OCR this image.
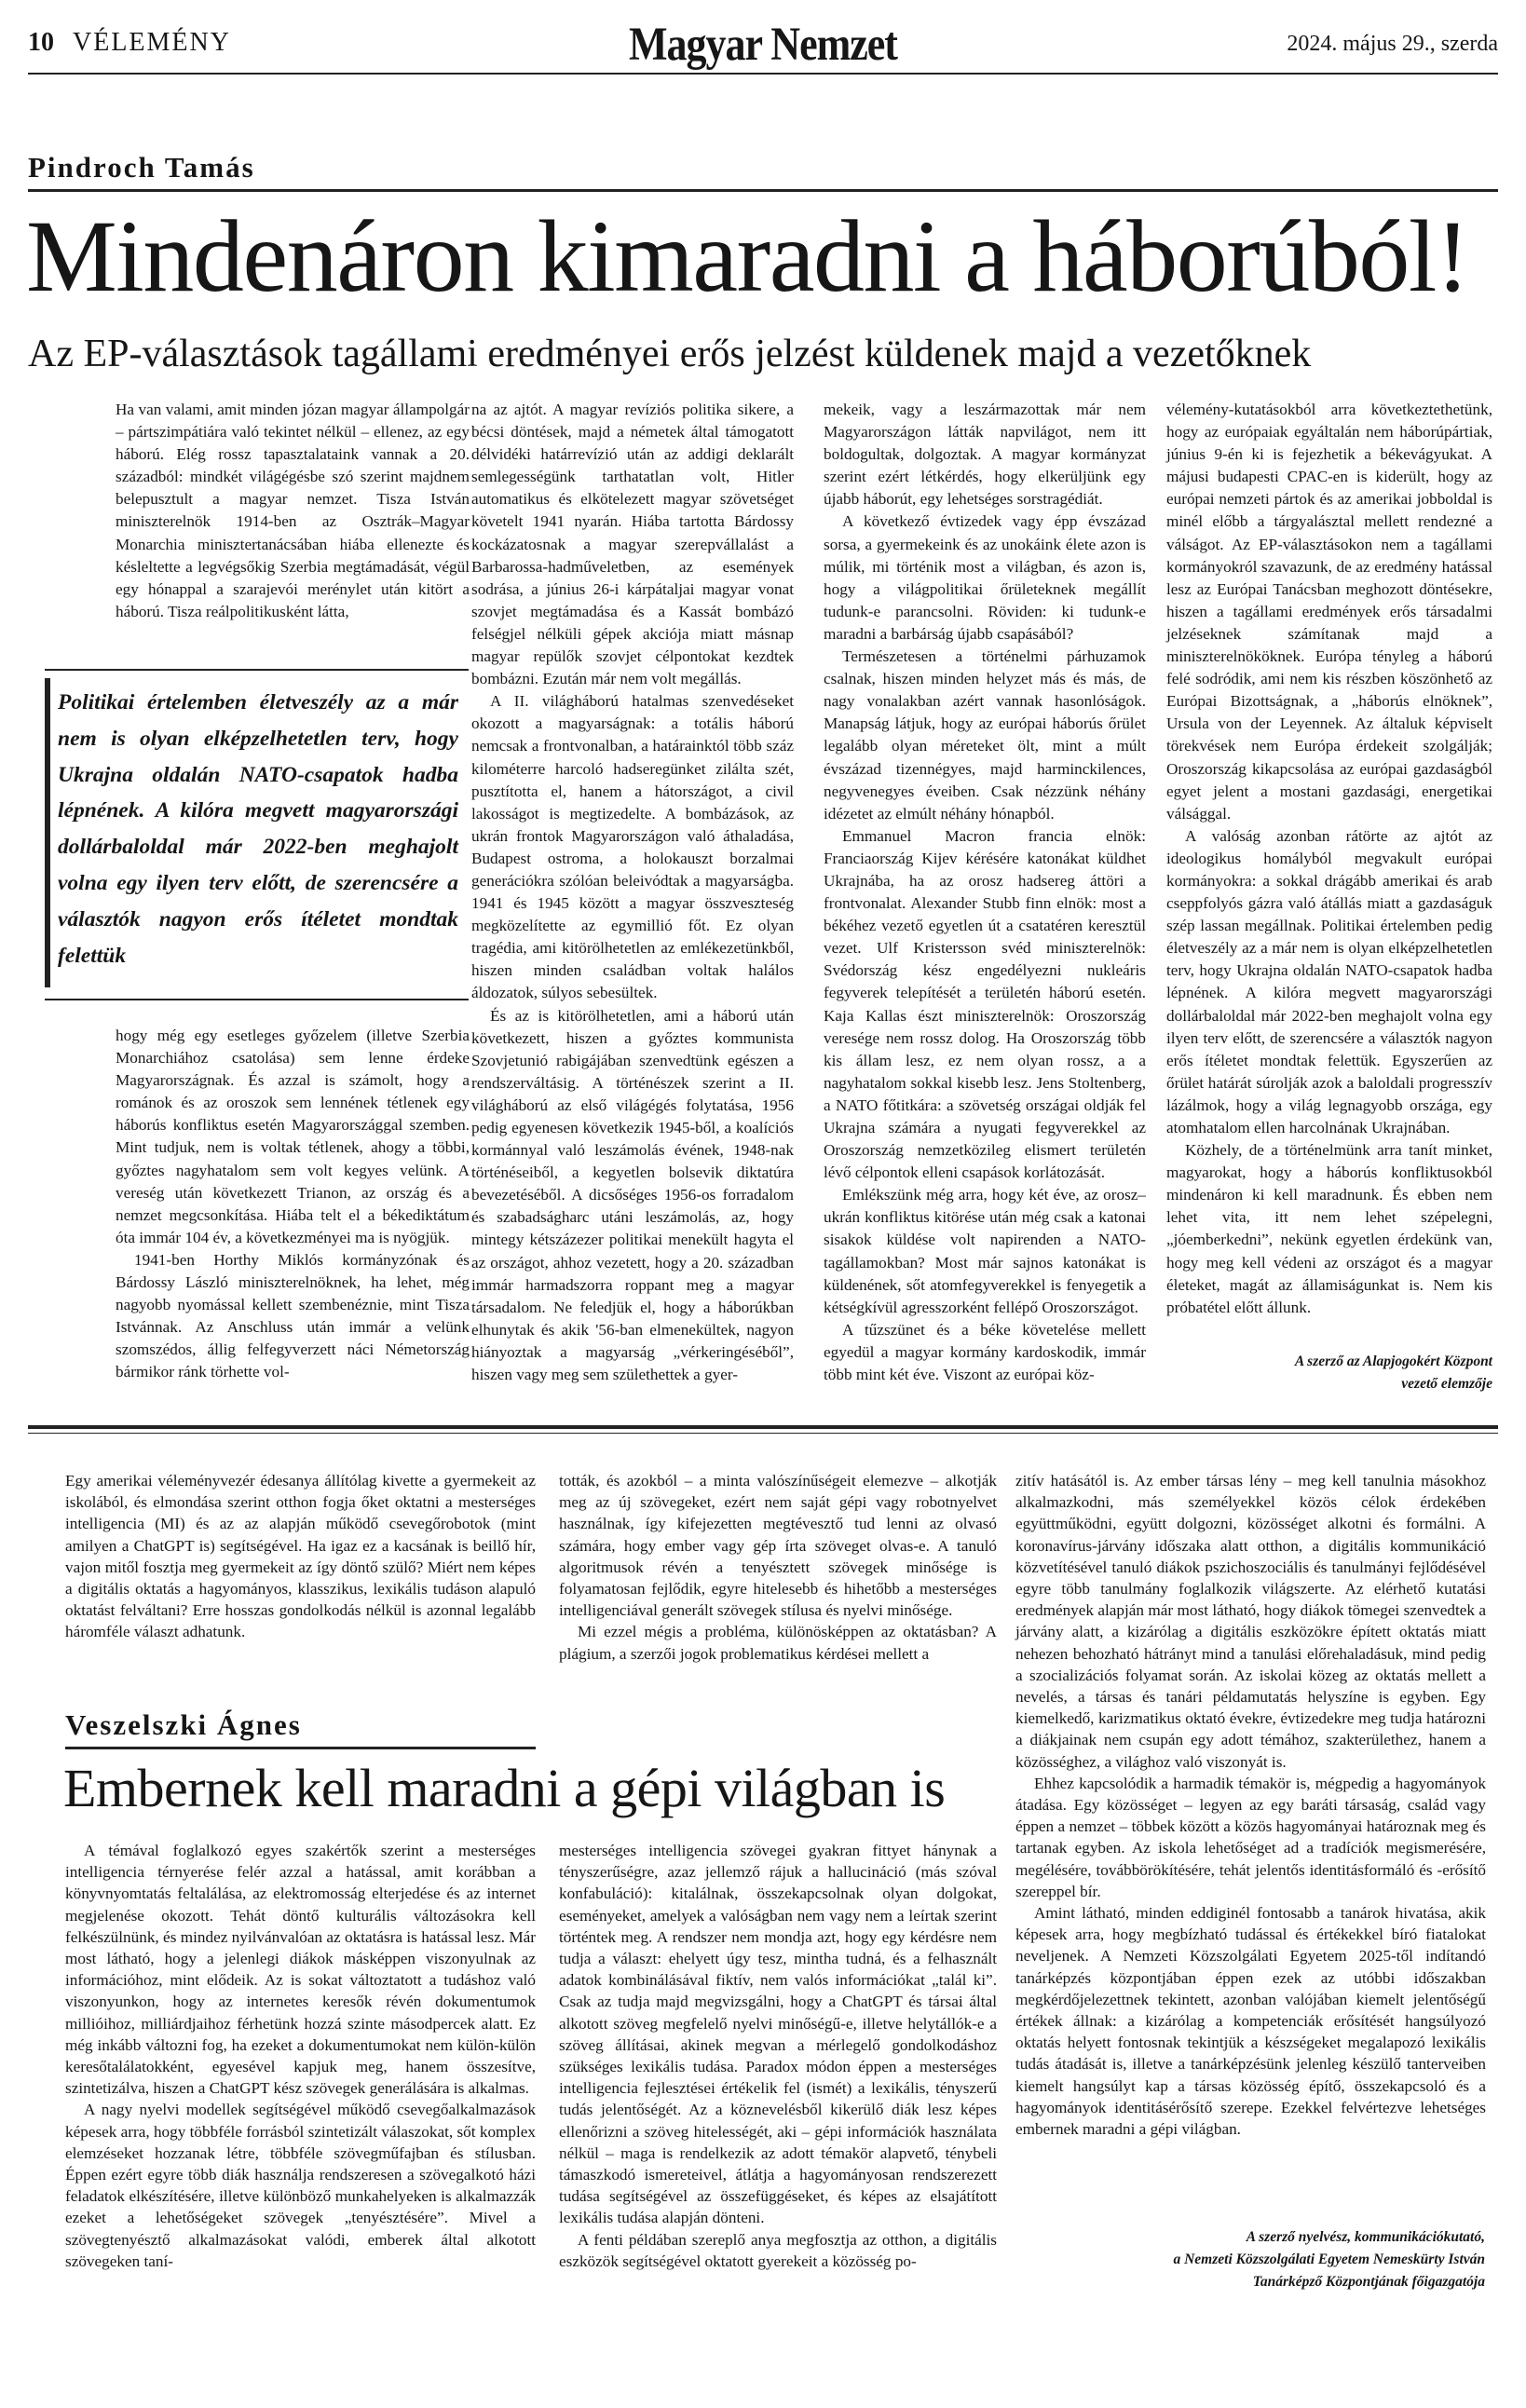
10 VÉLEMÉNY	Magyar Nemzet	2024. május 29., szerda
Pindroch Tamás
Mindenáron kimaradni a háborúból!
Az EP-választások tagállami eredményei erős jelzést küldenek majd a vezetőknek

Ha van valami, amit minden józan magyar állampolgár – pártszimpátiára való tekintet nélkül – ellenez, az egy háború. Elég rossz tapasztalataink vannak a 20. századból: mindkét világégésbe szó szerint majdnem belepusztult a magyar nemzet. Tisza István miniszterelnök 1914-ben az Osztrák–Magyar Monarchia minisztertanácsában hiába ellenezte és késleltette a legvégsőkig Szerbia megtámadását, végül egy hónappal a szarajevói merénylet után kitört a háború. Tisza reálpolitikusként látta,

Politikai értelemben életveszély az a már nem is olyan elképzelhetetlen terv, hogy Ukrajna oldalán NATO-csapatok hadba lépnének. A kilóra megvett magyarországi dollárbaloldal már 2022-ben meghajolt volna egy ilyen terv előtt, de szerencsére a választók nagyon erős ítéletet mondtak felettük

hogy még egy esetleges győzelem (illetve Szerbia Monarchiához csatolása) sem lenne érdeke Magyarországnak. És azzal is számolt, hogy a románok és az oroszok sem lennének tétlenek egy háborús konfliktus esetén Magyarországgal szemben. Mint tudjuk, nem is voltak tétlenek, ahogy a többi, győztes nagyhatalom sem volt kegyes velünk. A vereség után következett Trianon, az ország és a nemzet megcsonkítása. Hiába telt el a békediktátum óta immár 104 év, a következményei ma is nyögjük.

1941-ben Horthy Miklós kormányzónak és Bárdossy László miniszterelnöknek, ha lehet, még nagyobb nyomással kellett szembenéznie, mint Tisza Istvánnak. Az Anschluss után immár a velünk szomszédos, állig felfegyverzett náci Németország bármikor ránk törhette vol-

na az ajtót. A magyar revíziós politika sikere, a bécsi döntések, majd a németek által támogatott délvidéki határrevízió után az addigi deklarált semlegességünk tarthatatlan volt, Hitler automatikus és elkötelezett magyar szövetséget követelt 1941 nyarán. Hiába tartotta Bárdossy kockázatosnak a magyar szerepvállalást a Barbarossa-hadműveletben, az események sodrása, a június 26-i kárpátaljai magyar vonat szovjet megtámadása és a Kassát bombázó felségjel nélküli gépek akciója miatt másnap magyar repülők szovjet célpontokat kezdtek bombázni. Ezután már nem volt megállás.

A II. világháború hatalmas szenvedéseket okozott a magyarságnak: a totális háború nemcsak a frontvonalban, a határainktól több száz kilométerre harcoló hadseregünket zilálta szét, pusztította el, hanem a hátországot, a civil lakosságot is megtizedelte. A bombázások, az ukrán frontok Magyarországon való áthaladása, Budapest ostroma, a holokauszt borzalmai generációkra szólóan beleivódtak a magyarságba. 1941 és 1945 között a magyar összveszteség megközelítette az egymillió főt. Ez olyan tragédia, ami kitörölhetetlen az emlékezetünkből, hiszen minden családban voltak halálos áldozatok, súlyos sebesültek.

És az is kitörölhetetlen, ami a háború után következett, hiszen a győztes kommunista Szovjetunió rabigájában szenvedtünk egészen a rendszerváltásig. A történészek szerint a II. világháború az első világégés folytatása, 1956 pedig egyenesen következik 1945-ből, a koalíciós kormánnyal való leszámolás évének, 1948-nak történéseiből, a kegyetlen bolsevik diktatúra bevezetéséből. A dicsőséges 1956-os forradalom és szabadságharc utáni leszámolás, az, hogy mintegy kétszázezer politikai menekült hagyta el az országot, ahhoz vezetett, hogy a 20. században immár harmadszorra roppant meg a magyar társadalom. Ne feledjük el, hogy a háborúkban elhunytak és akik '56-ban elmenekültek, nagyon hiányoztak a magyarság „vérkeringéséből”, hiszen vagy meg sem születhettek a gyer-

mekeik, vagy a leszármazottak már nem Magyarországon látták napvilágot, nem itt boldogultak, dolgoztak. A magyar kormányzat szerint ezért létkérdés, hogy elkerüljünk egy újabb háborút, egy lehetséges sorstragédiát.

A következő évtizedek vagy épp évszázad sorsa, a gyermekeink és az unokáink élete azon is múlik, mi történik most a világban, és azon is, hogy a világpolitikai őrületeknek megállít tudunk-e parancsolni. Röviden: ki tudunk-e maradni a barbárság újabb csapásából?

Természetesen a történelmi párhuzamok csalnak, hiszen minden helyzet más és más, de nagy vonalakban azért vannak hasonlóságok. Manapság látjuk, hogy az európai háborús őrület legalább olyan méreteket ölt, mint a múlt évszázad tizennégyes, majd harminckilences, negyvenegyes éveiben. Csak nézzünk néhány idézetet az elmúlt néhány hónapból.

Emmanuel Macron francia elnök: Franciaország Kijev kérésére katonákat küldhet Ukrajnába, ha az orosz hadsereg áttöri a frontvonalat. Alexander Stubb finn elnök: most a békéhez vezető egyetlen út a csatatéren keresztül vezet. Ulf Kristersson svéd miniszterelnök: Svédország kész engedélyezni nukleáris fegyverek telepítését a területén háború esetén. Kaja Kallas észt miniszterelnök: Oroszország veresége nem rossz dolog. Ha Oroszország több kis állam lesz, ez nem olyan rossz, a a nagyhatalom sokkal kisebb lesz. Jens Stoltenberg, a NATO főtitkára: a szövetség országai oldják fel Ukrajna számára a nyugati fegyverekkel az Oroszország nemzetközileg elismert területén lévő célpontok elleni csapások korlátozását.

Emlékszünk még arra, hogy két éve, az orosz–ukrán konfliktus kitörése után még csak a katonai sisakok küldése volt napirenden a NATO-tagállamokban? Most már sajnos katonákat is küldenének, sőt atomfegyverekkel is fenyegetik a kétségkívül agresszorként fellépő Oroszországot.

A tűzszünet és a béke követelése mellett egyedül a magyar kormány kardoskodik, immár több mint két éve. Viszont az európai köz-

vélemény-kutatásokból arra következtethetünk, hogy az európaiak egyáltalán nem háborúpártiak, június 9-én ki is fejezhetik a békevágyukat. A májusi budapesti CPAC-en is kiderült, hogy az európai nemzeti pártok és az amerikai jobboldal is minél előbb a tárgyalásztal mellett rendezné a válságot. Az EP-választásokon nem a tagállami kormányokról szavazunk, de az eredmény hatással lesz az Európai Tanácsban meghozott döntésekre, hiszen a tagállami eredmények erős társadalmi jelzéseknek számítanak majd a miniszterelnököknek. Európa tényleg a háború felé sodródik, ami nem kis részben köszönhető az Európai Bizottságnak, a „háborús elnöknek”, Ursula von der Leyennek. Az általuk képviselt törekvések nem Európa érdekeit szolgálják; Oroszország kikapcsolása az európai gazdaságból egyet jelent a mostani gazdasági, energetikai válsággal.

A valóság azonban rátörte az ajtót az ideologikus homályból megvakult európai kormányokra: a sokkal drágább amerikai és arab cseppfolyós gázra való átállás miatt a gazdaságuk szép lassan megállnak. Politikai értelemben pedig életveszély az a már nem is olyan elképzelhetetlen terv, hogy Ukrajna oldalán NATO-csapatok hadba lépnének. A kilóra megvett magyarországi dollárbaloldal már 2022-ben meghajolt volna egy ilyen terv előtt, de szerencsére a választók nagyon erős ítéletet mondtak felettük. Egyszerűen az őrület határát súrolják azok a baloldali progresszív lázálmok, hogy a világ legnagyobb országa, egy atomhatalom ellen harcolnának Ukrajnában.

Közhely, de a történelmünk arra tanít minket, magyarokat, hogy a háborús konfliktusokból mindenáron ki kell maradnunk. És ebben nem lehet vita, itt nem lehet szépelegni, „jóemberkedni”, nekünk egyetlen érdekünk van, hogy meg kell védeni az országot és a magyar életeket, magát az államiságunkat is. Nem kis próbatétel előtt állunk.

A szerző az Alapjogokért Központ
vezető elemzője

Egy amerikai véleményvezér édesanya állítólag kivette a gyermekeit az iskolából, és elmondása szerint otthon fogja őket oktatni a mesterséges intelligencia (MI) és az az alapján működő csevegőrobotok (mint amilyen a ChatGPT is) segítségével. Ha igaz ez a kacsának is beillő hír, vajon mitől fosztja meg gyermekeit az így döntő szülő? Miért nem képes a digitális oktatás a hagyományos, klasszikus, lexikális tudáson alapuló oktatást felváltani? Erre hosszas gondolkodás nélkül is azonnal legalább háromféle választ adhatunk.

Veszelszki Ágnes
Embernek kell maradni a gépi világban is

A témával foglalkozó egyes szakértők szerint a mesterséges intelligencia térnyerése felér azzal a hatással, amit korábban a könyvnyomtatás feltalálása, az elektromosság elterjedése és az internet megjelenése okozott. Tehát döntő kulturális változásokra kell felkészülnünk, és mindez nyilvánvalóan az oktatásra is hatással lesz. Már most látható, hogy a jelenlegi diákok másképpen viszonyulnak az információhoz, mint elődeik. Az is sokat változtatott a tudáshoz való viszonyunkon, hogy az internetes keresők révén dokumentumok millióihoz, milliárdjaihoz férhetünk hozzá szinte másodpercek alatt. Ez még inkább változni fog, ha ezeket a dokumentumokat nem külön-külön keresőtalálatokként, egyesével kapjuk meg, hanem összesítve, szintetizálva, hiszen a ChatGPT kész szövegek generálására is alkalmas.

A nagy nyelvi modellek segítségével működő csevegőalkalmazások képesek arra, hogy többféle forrásból szintetizált válaszokat, sőt komplex elemzéseket hozzanak létre, többféle szövegműfajban és stílusban. Éppen ezért egyre több diák használja rendszeresen a szövegalkotó házi feladatok elkészítésére, illetve különböző munkahelyeken is alkalmazzák ezeket a lehetőségeket szövegek „tenyésztésére”. Mivel a szövegtenyésztő alkalmazásokat valódi, emberek által alkotott szövegeken taní-

tották, és azokból – a minta valószínűségeit elemezve – alkotják meg az új szövegeket, ezért nem saját gépi vagy robotnyelvet használnak, így kifejezetten megtévesztő tud lenni az olvasó számára, hogy ember vagy gép írta szöveget olvas-e. A tanuló algoritmusok révén a tenyésztett szövegek minősége is folyamatosan fejlődik, egyre hitelesebb és hihetőbb a mesterséges intelligenciával generált szövegek stílusa és nyelvi minősége.

Mi ezzel mégis a probléma, különösképpen az oktatásban? A plágium, a szerzői jogok problematikus kérdései mellett a

mesterséges intelligencia szövegei gyakran fittyet hánynak a tényszerűségre, azaz jellemző rájuk a hallucináció (más szóval konfabuláció): kitalálnak, összekapcsolnak olyan dolgokat, eseményeket, amelyek a valóságban nem vagy nem a leírtak szerint történtek meg. A rendszer nem mondja azt, hogy egy kérdésre nem tudja a választ: ehelyett úgy tesz, mintha tudná, és a felhasznált adatok kombinálásával fiktív, nem valós információkat „talál ki”. Csak az tudja majd megvizsgálni, hogy a ChatGPT és társai által alkotott szöveg megfelelő nyelvi minőségű-e, illetve helytállók-e a szöveg állításai, akinek megvan a mérlegelő gondolkodáshoz szükséges lexikális tudása. Paradox módon éppen a mesterséges intelligencia fejlesztései értékelik fel (ismét) a lexikális, tényszerű tudás jelentőségét. Az a köznevelésből kikerülő diák lesz képes ellenőrizni a szöveg hitelességét, aki – gépi információk használata nélkül – maga is rendelkezik az adott témakör alapvető, ténybeli támaszkodó ismereteivel, átlátja a hagyományosan rendszerezett tudása segítségével az összefüggéseket, és képes az elsajátított lexikális tudása alapján dönteni.

A fenti példában szereplő anya megfosztja az otthon, a digitális eszközök segítségével oktatott gyerekeit a közösség po-

zitív hatásától is. Az ember társas lény – meg kell tanulnia másokhoz alkalmazkodni, más személyekkel közös célok érdekében együttműködni, együtt dolgozni, közösséget alkotni és formálni. A koronavírus-járvány időszaka alatt otthon, a digitális kommunikáció közvetítésével tanuló diákok pszichoszociális és tanulmányi fejlődésével egyre több tanulmány foglalkozik világszerte. Az elérhető kutatási eredmények alapján már most látható, hogy diákok tömegei szenvedtek a járvány alatt, a kizárólag a digitális eszközökre épített oktatás miatt nehezen behozható hátrányt mind a tanulási előrehaladásuk, mind pedig a szocializációs folyamat során. Az iskolai közeg az oktatás mellett a nevelés, a társas és tanári példamutatás helyszíne is egyben. Egy kiemelkedő, karizmatikus oktató évekre, évtizedekre meg tudja határozni a diákjainak nem csupán egy adott témához, szakterülethez, hanem a közösséghez, a világhoz való viszonyát is.

Ehhez kapcsolódik a harmadik témakör is, mégpedig a hagyományok átadása. Egy közösséget – legyen az egy baráti társaság, család vagy éppen a nemzet – többek között a közös hagyományai határoznak meg és tartanak egyben. Az iskola lehetőséget ad a tradíciók megismerésére, megélésére, továbbörökítésére, tehát jelentős identitásformáló és -erősítő szereppel bír.

Amint látható, minden eddiginél fontosabb a tanárok hivatása, akik képesek arra, hogy megbízható tudással és értékekkel bíró fiatalokat neveljenek. A Nemzeti Közszolgálati Egyetem 2025-től indítandó tanárképzés központjában éppen ezek az utóbbi időszakban megkérdőjelezettnek tekintett, azonban valójában kiemelt jelentőségű értékek állnak: a kizárólag a kompetenciák erősítését hangsúlyozó oktatás helyett fontosnak tekintjük a készségeket megalapozó lexikális tudás átadását is, illetve a tanárképzésünk jelenleg készülő tanterveiben kiemelt hangsúlyt kap a társas közösség építő, összekapcsoló és a hagyományok identitásérősítő szerepe. Ezekkel felvértezve lehetséges embernek maradni a gépi világban.

A szerző nyelvész, kommunikációkutató,
a Nemzeti Közszolgálati Egyetem Nemeskürty István
Tanárképző Központjának főigazgatója
